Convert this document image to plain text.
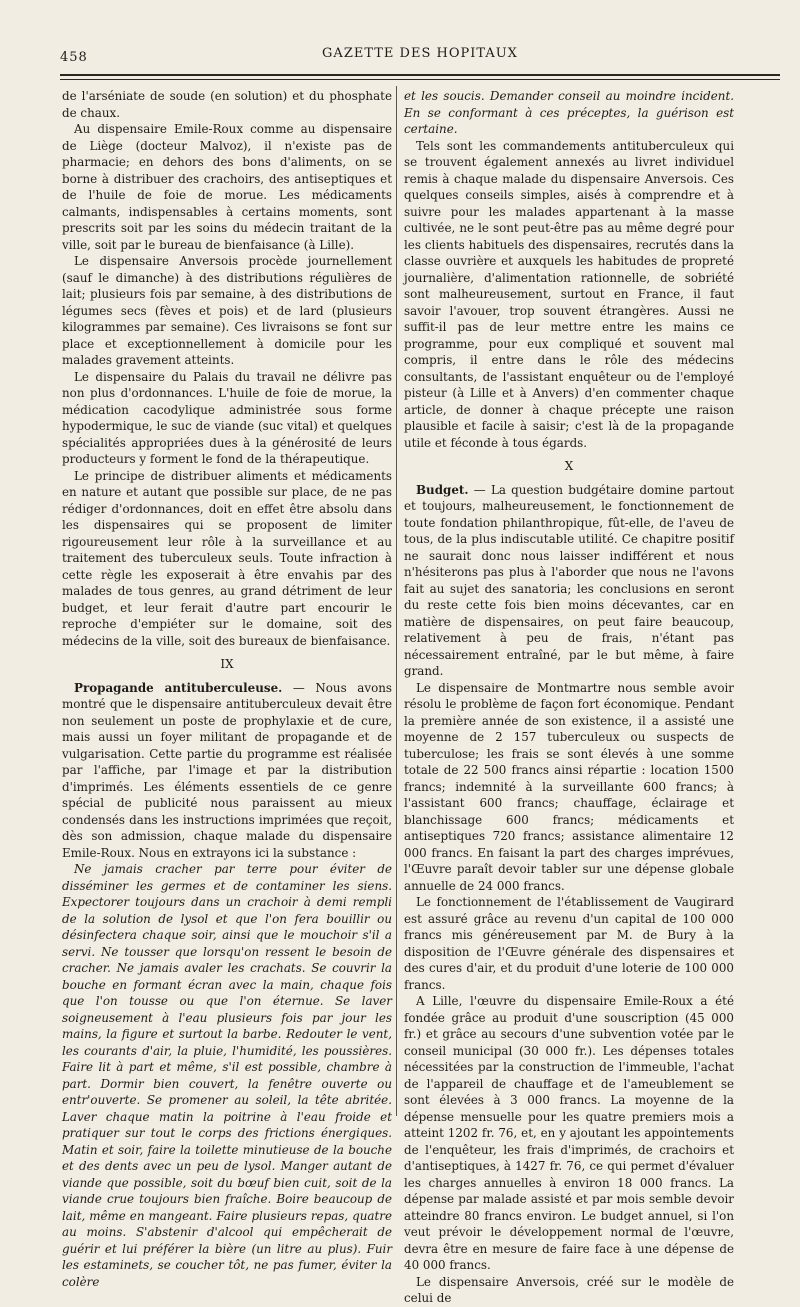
458	GAZETTE DES HOPITAUX

de l'arséniate de soude (en solution) et du phosphate de chaux.

Au dispensaire Emile-Roux comme au dispensaire de Liège (docteur Malvoz), il n'existe pas de pharmacie; en dehors des bons d'aliments, on se borne à distribuer des crachoirs, des antiseptiques et de l'huile de foie de morue. Les médicaments calmants, indispensables à certains moments, sont prescrits soit par les soins du médecin traitant de la ville, soit par le bureau de bienfaisance (à Lille).

Le dispensaire Anversois procède journellement (sauf le dimanche) à des distributions régulières de lait; plusieurs fois par semaine, à des distributions de légumes secs (fèves et pois) et de lard (plusieurs kilogrammes par semaine). Ces livraisons se font sur place et exceptionnellement à domicile pour les malades gravement atteints.

Le dispensaire du Palais du travail ne délivre pas non plus d'ordonnances. L'huile de foie de morue, la médication cacodylique administrée sous forme hypodermique, le suc de viande (suc vital) et quelques spécialités appropriées dues à la générosité de leurs producteurs y forment le fond de la thérapeutique.

Le principe de distribuer aliments et médicaments en nature et autant que possible sur place, de ne pas rédiger d'ordonnances, doit en effet être absolu dans les dispensaires qui se proposent de limiter rigoureusement leur rôle à la surveillance et au traitement des tuberculeux seuls. Toute infraction à cette règle les exposerait à être envahis par des malades de tous genres, au grand détriment de leur budget, et leur ferait d'autre part encourir le reproche d'empiéter sur le domaine, soit des médecins de la ville, soit des bureaux de bienfaisance.

IX

Propagande antituberculeuse. — Nous avons montré que le dispensaire antituberculeux devait être non seulement un poste de prophylaxie et de cure, mais aussi un foyer militant de propagande et de vulgarisation. Cette partie du programme est réalisée par l'affiche, par l'image et par la distribution d'imprimés. Les éléments essentiels de ce genre spécial de publicité nous paraissent au mieux condensés dans les instructions imprimées que reçoit, dès son admission, chaque malade du dispensaire Emile-Roux. Nous en extrayons ici la substance :

Ne jamais cracher par terre pour éviter de disséminer les germes et de contaminer les siens. Expectorer toujours dans un crachoir à demi rempli de la solution de lysol et que l'on fera bouillir ou désinfectera chaque soir, ainsi que le mouchoir s'il a servi. Ne tousser que lorsqu'on ressent le besoin de cracher. Ne jamais avaler les crachats. Se couvrir la bouche en formant écran avec la main, chaque fois que l'on tousse ou que l'on éternue. Se laver soigneusement à l'eau plusieurs fois par jour les mains, la figure et surtout la barbe. Redouter le vent, les courants d'air, la pluie, l'humidité, les poussières. Faire lit à part et même, s'il est possible, chambre à part. Dormir bien couvert, la fenêtre ouverte ou entr'ouverte. Se promener au soleil, la tête abritée. Laver chaque matin la poitrine à l'eau froide et pratiquer sur tout le corps des frictions énergiques. Matin et soir, faire la toilette minutieuse de la bouche et des dents avec un peu de lysol. Manger autant de viande que possible, soit du bœuf bien cuit, soit de la viande crue toujours bien fraîche. Boire beaucoup de lait, même en mangeant. Faire plusieurs repas, quatre au moins. S'abstenir d'alcool qui empêcherait de guérir et lui préférer la bière (un litre au plus). Fuir les estaminets, se coucher tôt, ne pas fumer, éviter la colère

et les soucis. Demander conseil au moindre incident. En se conformant à ces préceptes, la guérison est certaine.

Tels sont les commandements antituberculeux qui se trouvent également annexés au livret individuel remis à chaque malade du dispensaire Anversois. Ces quelques conseils simples, aisés à comprendre et à suivre pour les malades appartenant à la masse cultivée, ne le sont peut-être pas au même degré pour les clients habituels des dispensaires, recrutés dans la classe ouvrière et auxquels les habitudes de propreté journalière, d'alimentation rationnelle, de sobriété sont malheureusement, surtout en France, il faut savoir l'avouer, trop souvent étrangères. Aussi ne suffit-il pas de leur mettre entre les mains ce programme, pour eux compliqué et souvent mal compris, il entre dans le rôle des médecins consultants, de l'assistant enquêteur ou de l'employé pisteur (à Lille et à Anvers) d'en commenter chaque article, de donner à chaque précepte une raison plausible et facile à saisir; c'est là de la propagande utile et féconde à tous égards.

X

Budget. — La question budgétaire domine partout et toujours, malheureusement, le fonctionnement de toute fondation philanthropique, fût-elle, de l'aveu de tous, de la plus indiscutable utilité. Ce chapitre positif ne saurait donc nous laisser indifférent et nous n'hésiterons pas plus à l'aborder que nous ne l'avons fait au sujet des sanatoria; les conclusions en seront du reste cette fois bien moins décevantes, car en matière de dispensaires, on peut faire beaucoup, relativement à peu de frais, n'étant pas nécessairement entraîné, par le but même, à faire grand.

Le dispensaire de Montmartre nous semble avoir résolu le problème de façon fort économique. Pendant la première année de son existence, il a assisté une moyenne de 2 157 tuberculeux ou suspects de tuberculose; les frais se sont élevés à une somme totale de 22 500 francs ainsi répartie : location 1500 francs; indemnité à la surveillante 600 francs; à l'assistant 600 francs; chauffage, éclairage et blanchissage 600 francs; médicaments et antiseptiques 720 francs; assistance alimentaire 12 000 francs. En faisant la part des charges imprévues, l'Œuvre paraît devoir tabler sur une dépense globale annuelle de 24 000 francs.

Le fonctionnement de l'établissement de Vaugirard est assuré grâce au revenu d'un capital de 100 000 francs mis généreusement par M. de Bury à la disposition de l'Œuvre générale des dispensaires et des cures d'air, et du produit d'une loterie de 100 000 francs.

A Lille, l'œuvre du dispensaire Emile-Roux a été fondée grâce au produit d'une souscription (45 000 fr.) et grâce au secours d'une subvention votée par le conseil municipal (30 000 fr.). Les dépenses totales nécessitées par la construction de l'immeuble, l'achat de l'appareil de chauffage et de l'ameublement se sont élevées à 3 000 francs. La moyenne de la dépense mensuelle pour les quatre premiers mois a atteint 1202 fr. 76, et, en y ajoutant les appointements de l'enquêteur, les frais d'imprimés, de crachoirs et d'antiseptiques, à 1427 fr. 76, ce qui permet d'évaluer les charges annuelles à environ 18 000 francs. La dépense par malade assisté et par mois semble devoir atteindre 80 francs environ. Le budget annuel, si l'on veut prévoir le développement normal de l'œuvre, devra être en mesure de faire face à une dépense de 40 000 francs.

Le dispensaire Anversois, créé sur le modèle de celui de
